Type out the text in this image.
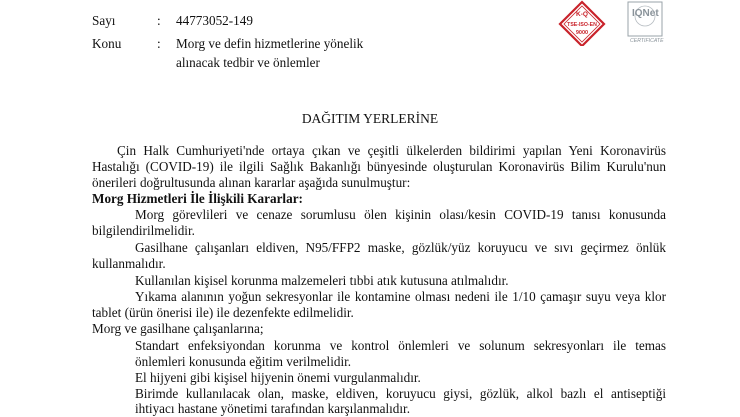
Sayı	: 44773052-149
Konu	: Morg ve defin hizmetlerine yönelik
alınacak tedbir ve önlemler
K-Q
TSE-ISO-EN
9000
IQNet
CERTIFICATE
DAĞITIM YERLERİNE
Çin Halk Cumhuriyeti'nde ortaya çıkan ve çeşitli ülkelerden bildirimi yapılan Yeni Koronavirüs
Hastalığı (COVID-19) ile ilgili Sağlık Bakanlığı bünyesinde oluşturulan Koronavirüs Bilim Kurulu'nun
önerileri doğrultusunda alınan kararlar aşağıda sunulmuştur:
Morg Hizmetleri İle İlişkili Kararlar:
Morg görevlileri ve cenaze sorumlusu ölen kişinin olası/kesin COVID-19 tanısı konusunda
bilgilendirilmelidir.
Gasilhane çalışanları eldiven, N95/FFP2 maske, gözlük/yüz koruyucu ve sıvı geçirmez önlük
kullanmalıdır.
Kullanılan kişisel korunma malzemeleri tıbbi atık kutusuna atılmalıdır.
Yıkama alanının yoğun sekresyonlar ile kontamine olması nedeni ile 1/10 çamaşır suyu veya klor
tablet (ürün önerisi ile) ile dezenfekte edilmelidir.
Morg ve gasilhane çalışanlarına;
Standart enfeksiyondan korunma ve kontrol önlemleri ve solunum sekresyonları ile temas
önlemleri konusunda eğitim verilmelidir.
El hijyeni gibi kişisel hijyenin önemi vurgulanmalıdır.
Birimde kullanılacak olan, maske, eldiven, koruyucu giysi, gözlük, alkol bazlı el antiseptiği
ihtiyacı hastane yönetimi tarafından karşılanmalıdır.
